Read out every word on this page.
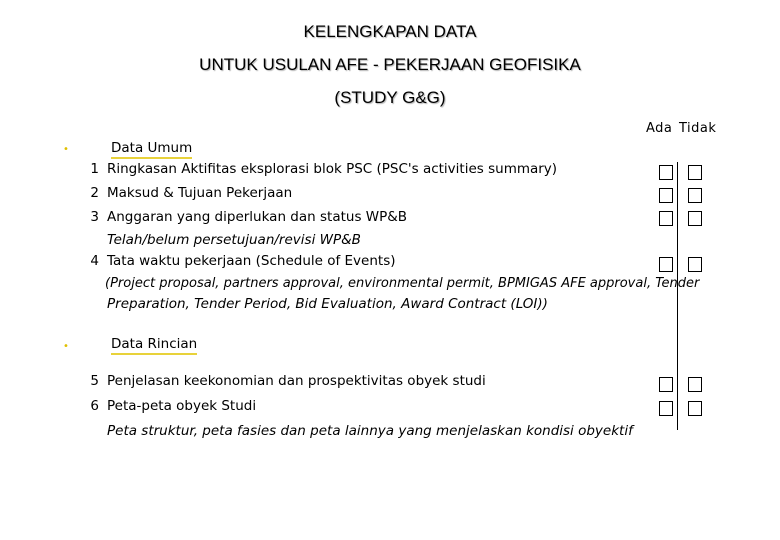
KELENGKAPAN DATA
UNTUK USULAN AFE - PEKERJAAN GEOFISIKA
(STUDY G&G)
Ada Tidak
•	Data Umum
1 Ringkasan Aktifitas eksplorasi blok PSC (PSC's activities summary)
2 Maksud & Tujuan Pekerjaan
3 Anggaran yang diperlukan dan status WP&B
Telah/belum persetujuan/revisi WP&B
4 Tata waktu pekerjaan (Schedule of Events)
(Project proposal, partners approval, environmental permit, BPMIGAS AFE approval, Tender
Preparation, Tender Period, Bid Evaluation, Award Contract (LOI))
•	Data Rincian
5 Penjelasan keekonomian dan prospektivitas obyek studi
6 Peta-peta obyek Studi
Peta struktur, peta fasies dan peta lainnya yang menjelaskan kondisi obyektif
